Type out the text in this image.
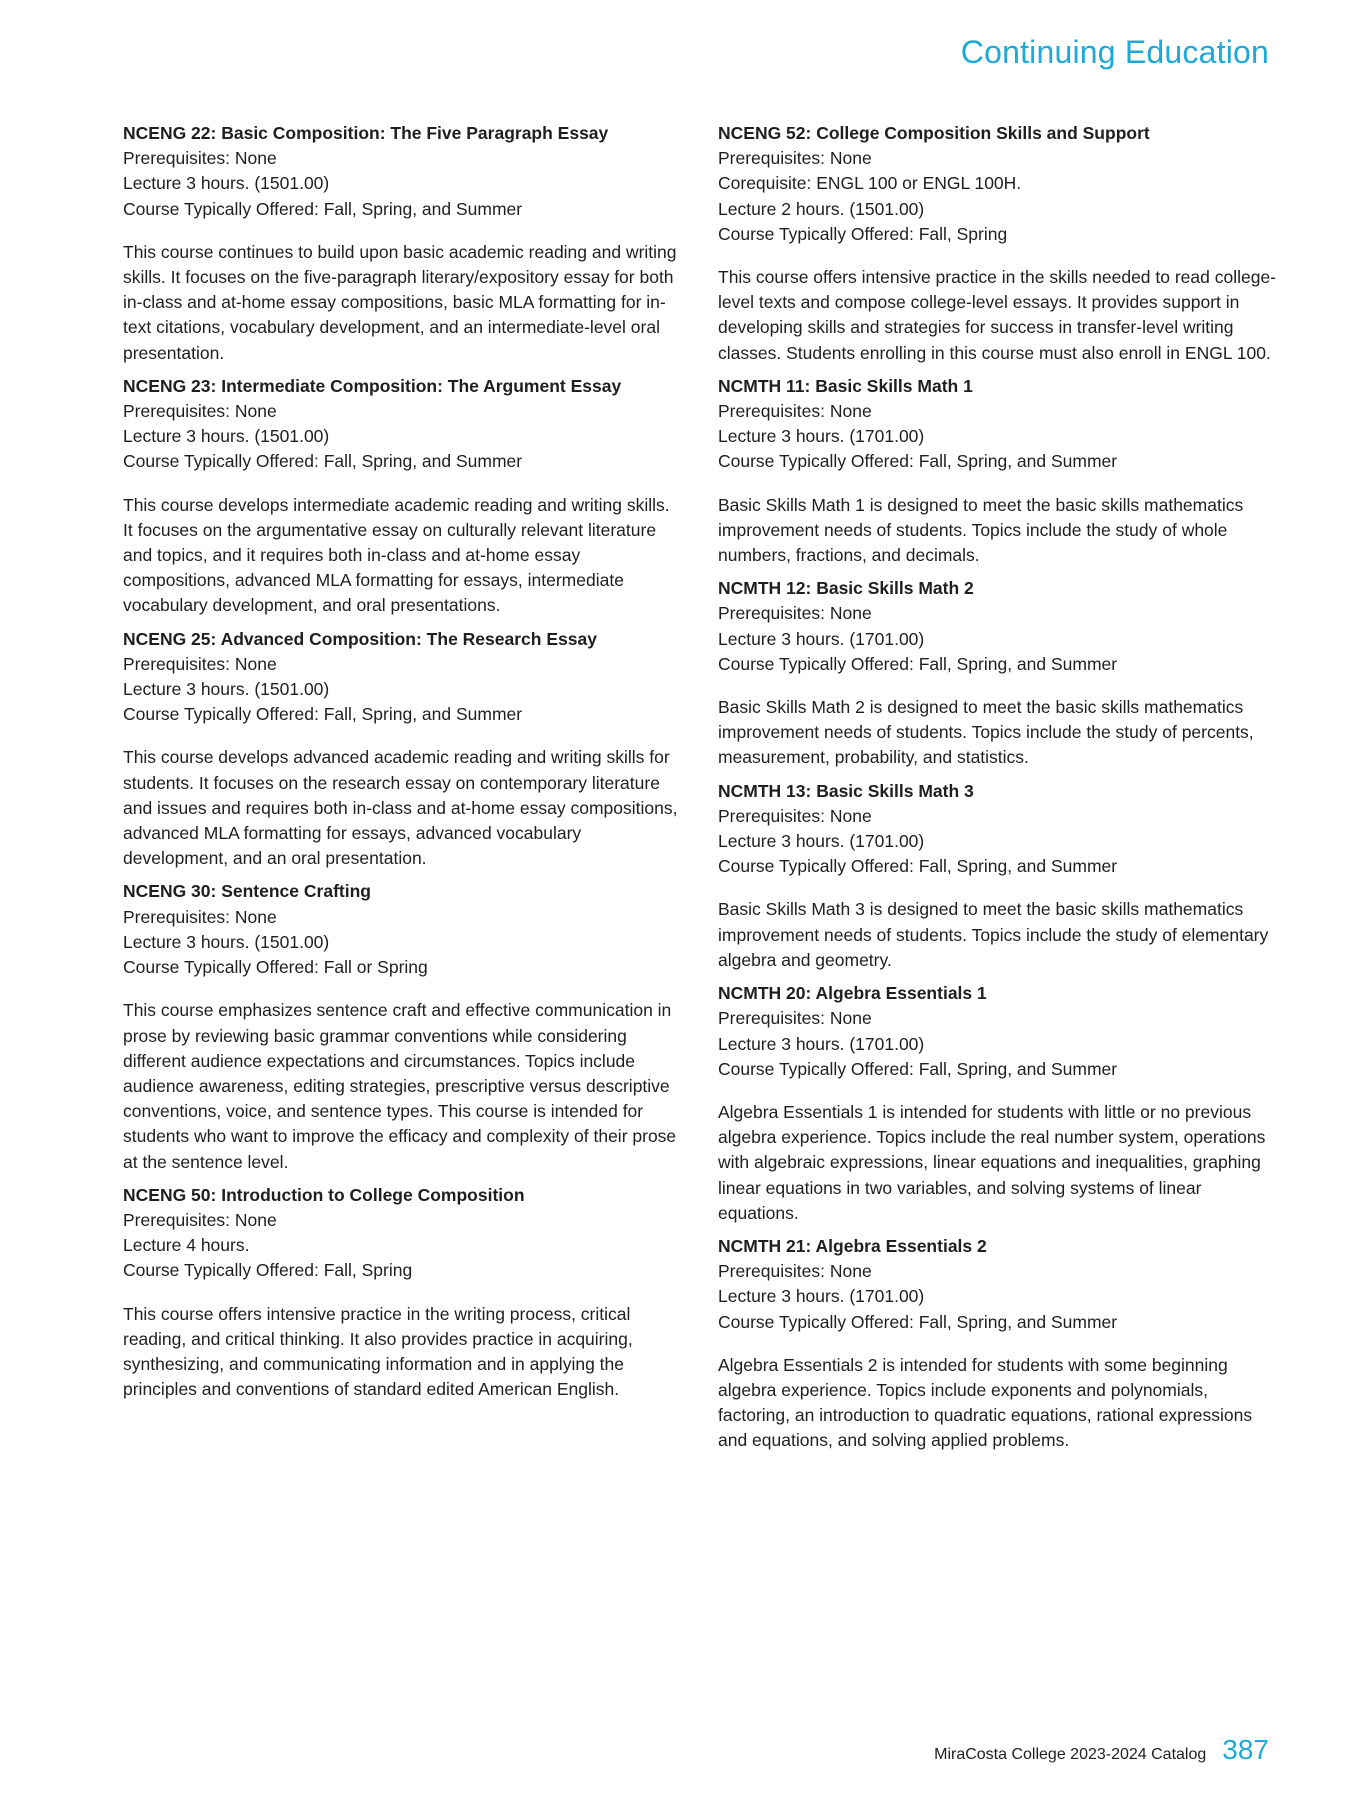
Continuing Education

NCENG 22: Basic Composition: The Five Paragraph Essay

Prerequisites: None

Lecture 3 hours. (1501.00)

Course Typically Offered: Fall, Spring, and Summer

This course continues to build upon basic academic reading and writing skills. It focuses on the five-paragraph literary/expository essay for both in-class and at-home essay compositions, basic MLA formatting for in-text citations, vocabulary development, and an intermediate-level oral presentation.

NCENG 23: Intermediate Composition: The Argument Essay

Prerequisites: None

Lecture 3 hours. (1501.00)

Course Typically Offered: Fall, Spring, and Summer

This course develops intermediate academic reading and writing skills. It focuses on the argumentative essay on culturally relevant literature and topics, and it requires both in-class and at-home essay compositions, advanced MLA formatting for essays, intermediate vocabulary development, and oral presentations.

NCENG 25: Advanced Composition: The Research Essay

Prerequisites: None

Lecture 3 hours. (1501.00)

Course Typically Offered: Fall, Spring, and Summer

This course develops advanced academic reading and writing skills for students. It focuses on the research essay on contemporary literature and issues and requires both in-class and at-home essay compositions, advanced MLA formatting for essays, advanced vocabulary development, and an oral presentation.

NCENG 30: Sentence Crafting

Prerequisites: None

Lecture 3 hours. (1501.00)

Course Typically Offered: Fall or Spring

This course emphasizes sentence craft and effective communication in prose by reviewing basic grammar conventions while considering different audience expectations and circumstances. Topics include audience awareness, editing strategies, prescriptive versus descriptive conventions, voice, and sentence types. This course is intended for students who want to improve the efficacy and complexity of their prose at the sentence level.

NCENG 50: Introduction to College Composition

Prerequisites: None

Lecture 4 hours.

Course Typically Offered: Fall, Spring

This course offers intensive practice in the writing process, critical reading, and critical thinking. It also provides practice in acquiring, synthesizing, and communicating information and in applying the principles and conventions of standard edited American English.

NCENG 52: College Composition Skills and Support

Prerequisites: None

Corequisite: ENGL 100 or ENGL 100H.

Lecture 2 hours. (1501.00)

Course Typically Offered: Fall, Spring

This course offers intensive practice in the skills needed to read college-level texts and compose college-level essays. It provides support in developing skills and strategies for success in transfer-level writing classes. Students enrolling in this course must also enroll in ENGL 100.

NCMTH 11: Basic Skills Math 1

Prerequisites: None

Lecture 3 hours. (1701.00)

Course Typically Offered: Fall, Spring, and Summer

Basic Skills Math 1 is designed to meet the basic skills mathematics improvement needs of students. Topics include the study of whole numbers, fractions, and decimals.

NCMTH 12: Basic Skills Math 2

Prerequisites: None

Lecture 3 hours. (1701.00)

Course Typically Offered: Fall, Spring, and Summer

Basic Skills Math 2 is designed to meet the basic skills mathematics improvement needs of students. Topics include the study of percents, measurement, probability, and statistics.

NCMTH 13: Basic Skills Math 3

Prerequisites: None

Lecture 3 hours. (1701.00)

Course Typically Offered: Fall, Spring, and Summer

Basic Skills Math 3 is designed to meet the basic skills mathematics improvement needs of students. Topics include the study of elementary algebra and geometry.

NCMTH 20: Algebra Essentials 1

Prerequisites: None

Lecture 3 hours. (1701.00)

Course Typically Offered: Fall, Spring, and Summer

Algebra Essentials 1 is intended for students with little or no previous algebra experience. Topics include the real number system, operations with algebraic expressions, linear equations and inequalities, graphing linear equations in two variables, and solving systems of linear equations.

NCMTH 21: Algebra Essentials 2

Prerequisites: None

Lecture 3 hours. (1701.00)

Course Typically Offered: Fall, Spring, and Summer

Algebra Essentials 2 is intended for students with some beginning algebra experience. Topics include exponents and polynomials, factoring, an introduction to quadratic equations, rational expressions and equations, and solving applied problems.

MiraCosta College 2023-2024 Catalog 387
